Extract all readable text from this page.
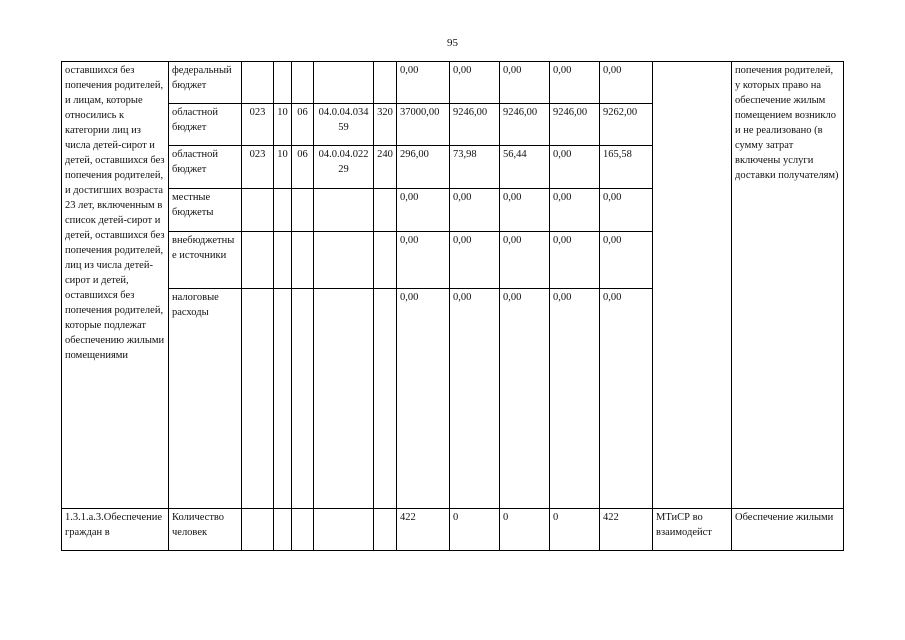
95
оставшихся без попечения родителей, и лицам, которые относились к категории лиц из числа детей-сирот и детей, оставшихся без попечения родителей, и достигших возраста 23 лет, включенным в список детей-сирот и детей, оставшихся без попечения родителей, лиц из числа детей-сирот и детей, оставшихся без попечения родителей, которые подлежат обеспечению жилыми помещениями	федеральный бюджет						0,00	0,00	0,00	0,00	0,00		попечения родителей, у которых право на обеспечение жилым помещением возникло и не реализовано (в сумму затрат включены услуги доставки получателям)
	областной бюджет	023	10	06	04.0.04.03459	320	37000,00	9246,00	9246,00	9246,00	9262,00		
	областной бюджет	023	10	06	04.0.04.02229	240	296,00	73,98	56,44	0,00	165,58		
	местные бюджеты						0,00	0,00	0,00	0,00	0,00		
	внебюджетные источники						0,00	0,00	0,00	0,00	0,00		
	налоговые расходы						0,00	0,00	0,00	0,00	0,00		
1.3.1.а.3.Обеспечение граждан в	Количество человек						422	0	0	0	422	МТиСР во взаимодейст	Обеспечение жилыми
